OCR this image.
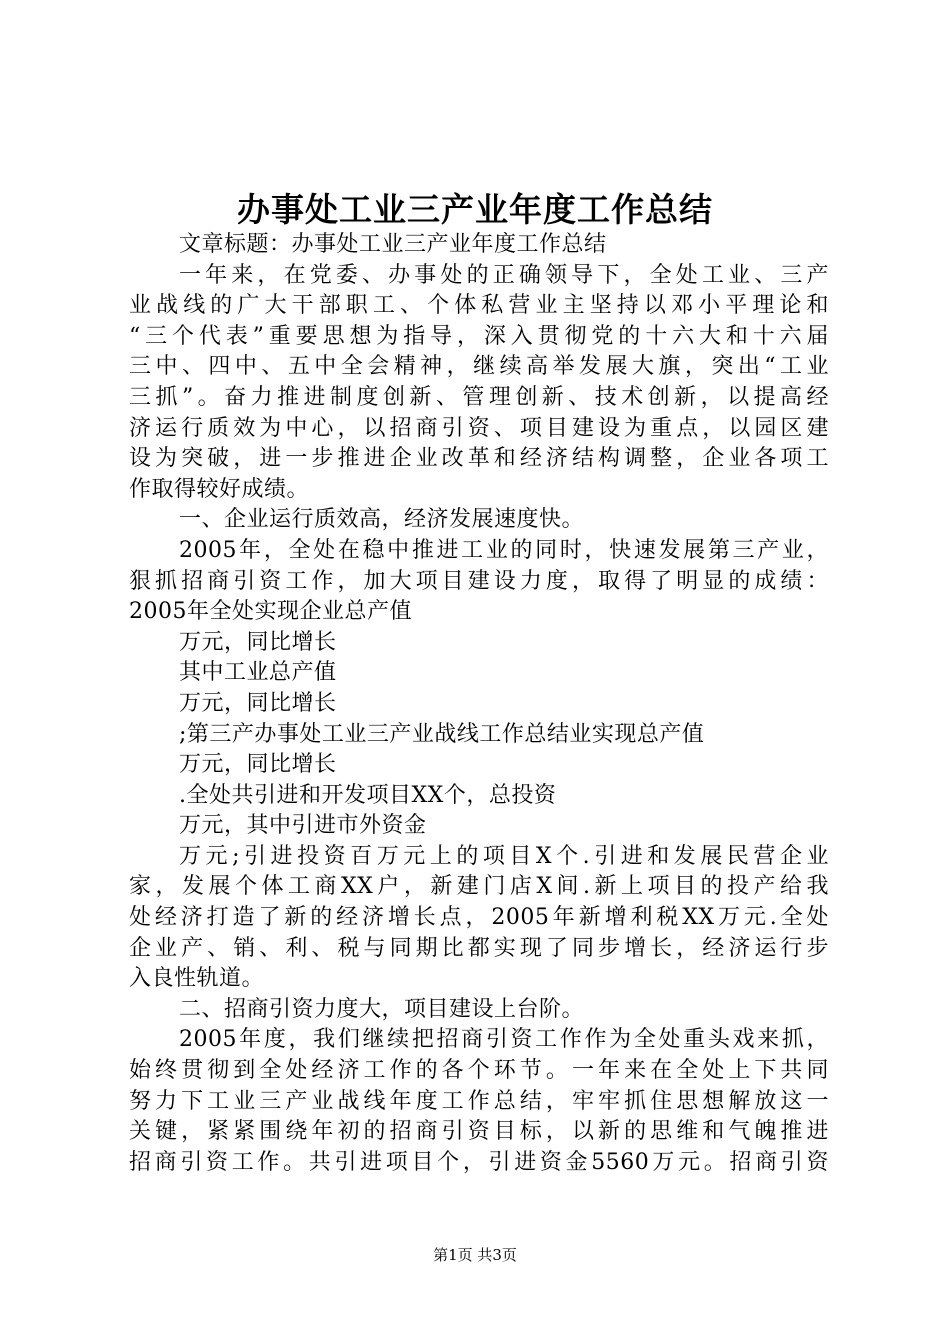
办事处工业三产业年度工作总结
文章标题：办事处工业三产业年度工作总结
一年来，在党委、办事处的正确领导下，全处工业、三产
业战线的广大干部职工、个体私营业主坚持以邓小平理论和
“三个代表”重要思想为指导，深入贯彻党的十六大和十六届
三中、四中、五中全会精神，继续高举发展大旗，突出“工业
三抓”。奋力推进制度创新、管理创新、技术创新，以提高经
济运行质效为中心，以招商引资、项目建设为重点，以园区建
设为突破，进一步推进企业改革和经济结构调整，企业各项工
作取得较好成绩。
一、企业运行质效高，经济发展速度快。
2005年，全处在稳中推进工业的同时，快速发展第三产业，
狠抓招商引资工作，加大项目建设力度，取得了明显的成绩：
2005年全处实现企业总产值
万元，同比增长
其中工业总产值
万元，同比增长
;第三产办事处工业三产业战线工作总结业实现总产值
万元，同比增长
.全处共引进和开发项目XX个，总投资
万元，其中引进市外资金
万元;引进投资百万元上的项目X个.引进和发展民营企业
家，发展个体工商XX户，新建门店X间.新上项目的投产给我
处经济打造了新的经济增长点，2005年新增利税XX万元.全处
企业产、销、利、税与同期比都实现了同步增长，经济运行步
入良性轨道。
二、招商引资力度大，项目建设上台阶。
2005年度，我们继续把招商引资工作作为全处重头戏来抓，
始终贯彻到全处经济工作的各个环节。一年来在全处上下共同
努力下工业三产业战线年度工作总结，牢牢抓住思想解放这一
关键，紧紧围绕年初的招商引资目标，以新的思维和气魄推进
招商引资工作。共引进项目个，引进资金5560万元。招商引资
第1页 共3页
